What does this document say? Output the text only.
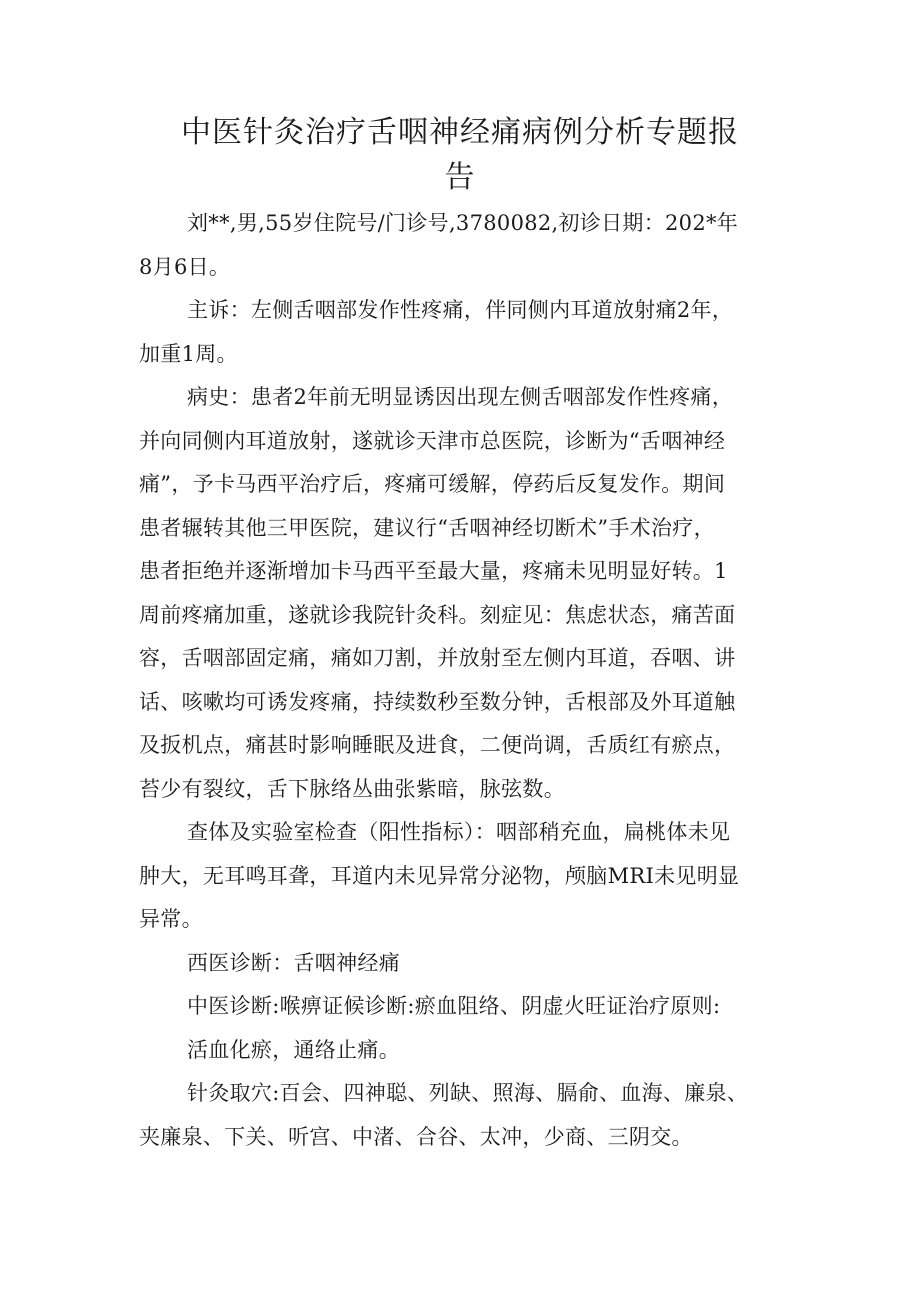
中医针灸治疗舌咽神经痛病例分析专题报
告
刘**,男,55岁住院号/门诊号,3780082,初诊日期：202*年
8月6日。
主诉：左侧舌咽部发作性疼痛，伴同侧内耳道放射痛2年，
加重1周。
病史：患者2年前无明显诱因出现左侧舌咽部发作性疼痛，
并向同侧内耳道放射，遂就诊天津市总医院，诊断为“舌咽神经
痛”，予卡马西平治疗后，疼痛可缓解，停药后反复发作。期间
患者辗转其他三甲医院，建议行“舌咽神经切断术”手术治疗，
患者拒绝并逐渐增加卡马西平至最大量，疼痛未见明显好转。1
周前疼痛加重，遂就诊我院针灸科。刻症见：焦虑状态，痛苦面
容，舌咽部固定痛，痛如刀割，并放射至左侧内耳道，吞咽、讲
话、咳嗽均可诱发疼痛，持续数秒至数分钟，舌根部及外耳道触
及扳机点，痛甚时影响睡眠及进食，二便尚调，舌质红有瘀点，
苔少有裂纹，舌下脉络丛曲张紫暗，脉弦数。
查体及实验室检查（阳性指标）：咽部稍充血，扁桃体未见
肿大，无耳鸣耳聋，耳道内未见异常分泌物，颅脑MRI未见明显
异常。
西医诊断：舌咽神经痛
中医诊断:喉痹证候诊断:瘀血阻络、阴虚火旺证治疗原则:
活血化瘀，通络止痛。
针灸取穴:百会、四神聪、列缺、照海、膈俞、血海、廉泉、
夹廉泉、下关、听宫、中渚、合谷、太冲，少商、三阴交。
